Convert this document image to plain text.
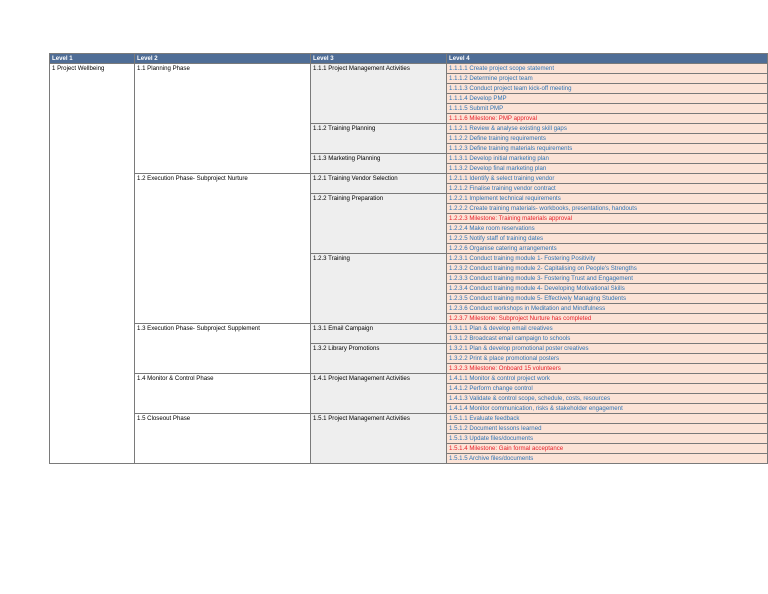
Level 1	Level 2	Level 3	Level 4
1 Project Wellbeing	1.1 Planning Phase	1.1.1 Project Management Activities	1.1.1.1 Create project scope statement
			1.1.1.2 Determine project team
			1.1.1.3 Conduct project team kick-off meeting
			1.1.1.4 Develop PMP
			1.1.1.5 Submit PMP
			1.1.1.6 Milestone: PMP approval
		1.1.2 Training Planning	1.1.2.1 Review & analyse existing skill gaps
			1.1.2.2 Define training requirements
			1.1.2.3 Define training materials requirements
		1.1.3 Marketing Planning	1.1.3.1 Develop initial marketing plan
			1.1.3.2 Develop final marketing plan
	1.2 Execution Phase- Subproject Nurture	1.2.1 Training Vendor Selection	1.2.1.1 Identify & select training vendor
			1.2.1.2 Finalise training vendor contract
		1.2.2 Training Preparation	1.2.2.1 Implement technical requirements
			1.2.2.2 Create training materials- workbooks, presentations, handouts
			1.2.2.3 Milestone: Training materials approval
			1.2.2.4 Make room reservations
			1.2.2.5 Notify staff of training dates
			1.2.2.6 Organise catering arrangements
		1.2.3 Training	1.2.3.1 Conduct training module 1- Fostering Positivity
			1.2.3.2 Conduct training module 2- Capitalising on People's Strengths
			1.2.3.3 Conduct training module 3- Fostering Trust and Engagement
			1.2.3.4 Conduct training module 4- Developing Motivational Skills
			1.2.3.5 Conduct training module 5- Effectively Managing Students
			1.2.3.6 Conduct workshops in Meditation and Mindfulness
			1.2.3.7 Milestone: Subproject Nurture has completed
	1.3 Execution Phase- Subproject Supplement	1.3.1 Email Campaign	1.3.1.1 Plan & develop email creatives
			1.3.1.2 Broadcast email campaign to schools
		1.3.2 Library Promotions	1.3.2.1 Plan & develop promotional poster creatives
			1.3.2.2 Print & place promotional posters
			1.3.2.3 Milestone: Onboard 15 volunteers
	1.4 Monitor & Control Phase	1.4.1 Project Management Activities	1.4.1.1 Monitor & control project work
			1.4.1.2 Perform change control
			1.4.1.3 Validate & control scope, schedule, costs, resources
			1.4.1.4 Monitor communication, risks & stakeholder engagement
	1.5 Closeout Phase	1.5.1 Project Management Activities	1.5.1.1 Evaluate feedback
			1.5.1.2 Document lessons learned
			1.5.1.3 Update files/documents
			1.5.1.4 Milestone: Gain formal acceptance
			1.5.1.5 Archive files/documents
